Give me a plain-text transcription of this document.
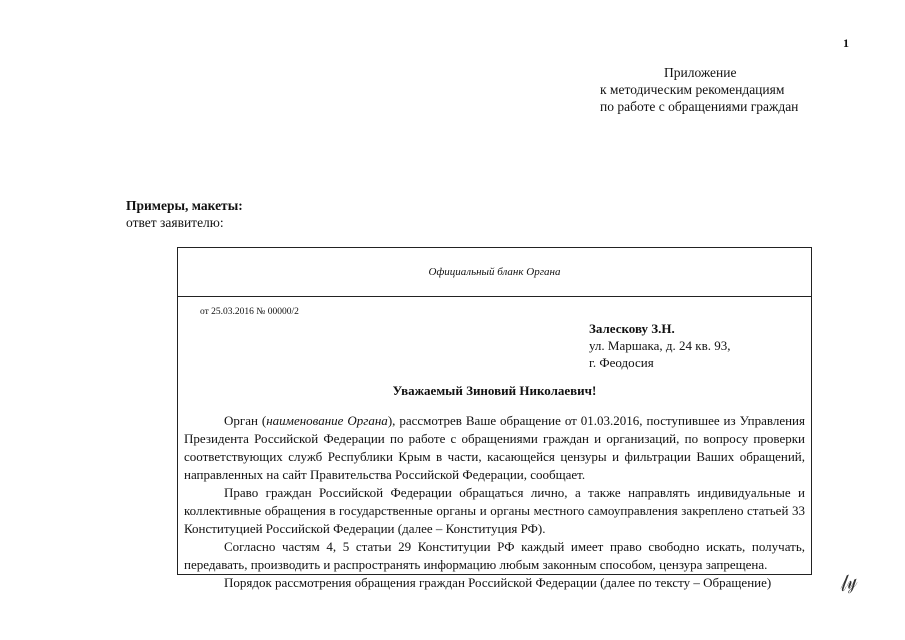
1
Приложение
к методическим рекомендациям
по работе с обращениями граждан
Примеры, макеты:
ответ заявителю:
Официальный бланк Органа
от 25.03.2016 № 00000/2
Залескову З.Н.
ул. Маршака, д. 24 кв. 93,
г. Феодосия
Уважаемый Зиновий Николаевич!

Орган (наименование Органа), рассмотрев Ваше обращение от 01.03.2016, поступившее из Управления Президента Российской Федерации по работе с обращениями граждан и организаций, по вопросу проверки соответствующих служб Республики Крым в части, касающейся цензуры и фильтрации Ваших обращений, направленных на сайт Правительства Российской Федерации, сообщает.

Право граждан Российской Федерации обращаться лично, а также направлять индивидуальные и коллективные обращения в государственные органы и органы местного самоуправления закреплено статьей 33 Конституцией Российской Федерации (далее – Конституция РФ).

Согласно частям 4, 5 статьи 29 Конституции РФ каждый имеет право свободно искать, получать, передавать, производить и распространять информацию любым законным способом, цензура запрещена.

Порядок рассмотрения обращения граждан Российской Федерации (далее по тексту – Обращение)	𝓁𝓎
